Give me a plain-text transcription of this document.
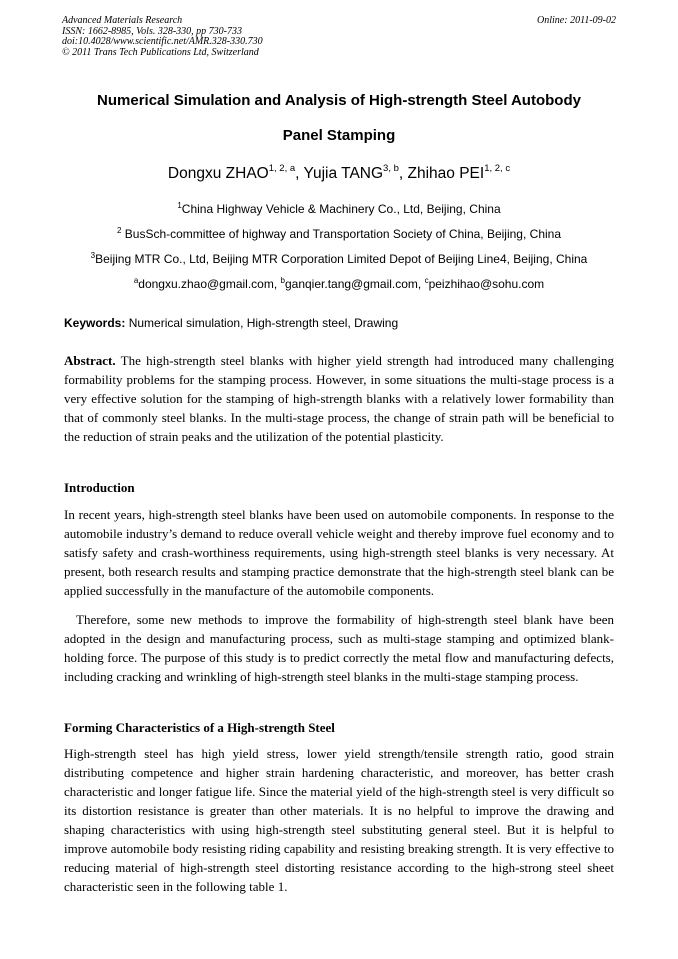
Advanced Materials Research
ISSN: 1662-8985, Vols. 328-330, pp 730-733
doi:10.4028/www.scientific.net/AMR.328-330.730
© 2011 Trans Tech Publications Ltd, Switzerland
Online: 2011-09-02
Numerical Simulation and Analysis of High-strength Steel Autobody
Panel Stamping
Dongxu ZHAO$^{1, 2, a}$, Yujia TANG$^{3, b}$, Zhihao PEI$^{1, 2, c}$
$^1$China Highway Vehicle & Machinery Co., Ltd, Beijing, China
$^2$ BusSch-committee of highway and Transportation Society of China, Beijing, China
$^3$Beijing MTR Co., Ltd, Beijing MTR Corporation Limited Depot of Beijing Line4, Beijing, China
$^a$dongxu.zhao@gmail.com, $^b$ganqier.tang@gmail.com, $^c$peizhihao@sohu.com
Keywords: Numerical simulation, High-strength steel, Drawing
Abstract. The high-strength steel blanks with higher yield strength had introduced many challenging formability problems for the stamping process. However, in some situations the multi-stage process is a very effective solution for the stamping of high-strength blanks with a relatively lower formability than that of commonly steel blanks. In the multi-stage process, the change of strain path will be beneficial to the reduction of strain peaks and the utilization of the potential plasticity.
Introduction
In recent years, high-strength steel blanks have been used on automobile components. In response to the automobile industry’s demand to reduce overall vehicle weight and thereby improve fuel economy and to satisfy safety and crash-worthiness requirements, using high-strength steel blanks is very necessary. At present, both research results and stamping practice demonstrate that the high-strength steel blank can be applied successfully in the manufacture of the automobile components.
Therefore, some new methods to improve the formability of high-strength steel blank have been adopted in the design and manufacturing process, such as multi-stage stamping and optimized blank-holding force. The purpose of this study is to predict correctly the metal flow and manufacturing defects, including cracking and wrinkling of high-strength steel blanks in the multi-stage stamping process.
Forming Characteristics of a High-strength Steel
High-strength steel has high yield stress, lower yield strength/tensile strength ratio, good strain distributing competence and higher strain hardening characteristic, and moreover, has better crash characteristic and longer fatigue life. Since the material yield of the high-strength steel is very difficult so its distortion resistance is greater than other materials. It is no helpful to improve the drawing and shaping characteristics with using high-strength steel substituting general steel. But it is helpful to improve automobile body resisting riding capability and resisting breaking strength. It is very effective to reducing material of high-strength steel distorting resistance according to the high-strong steel sheet characteristic seen in the following table 1.
